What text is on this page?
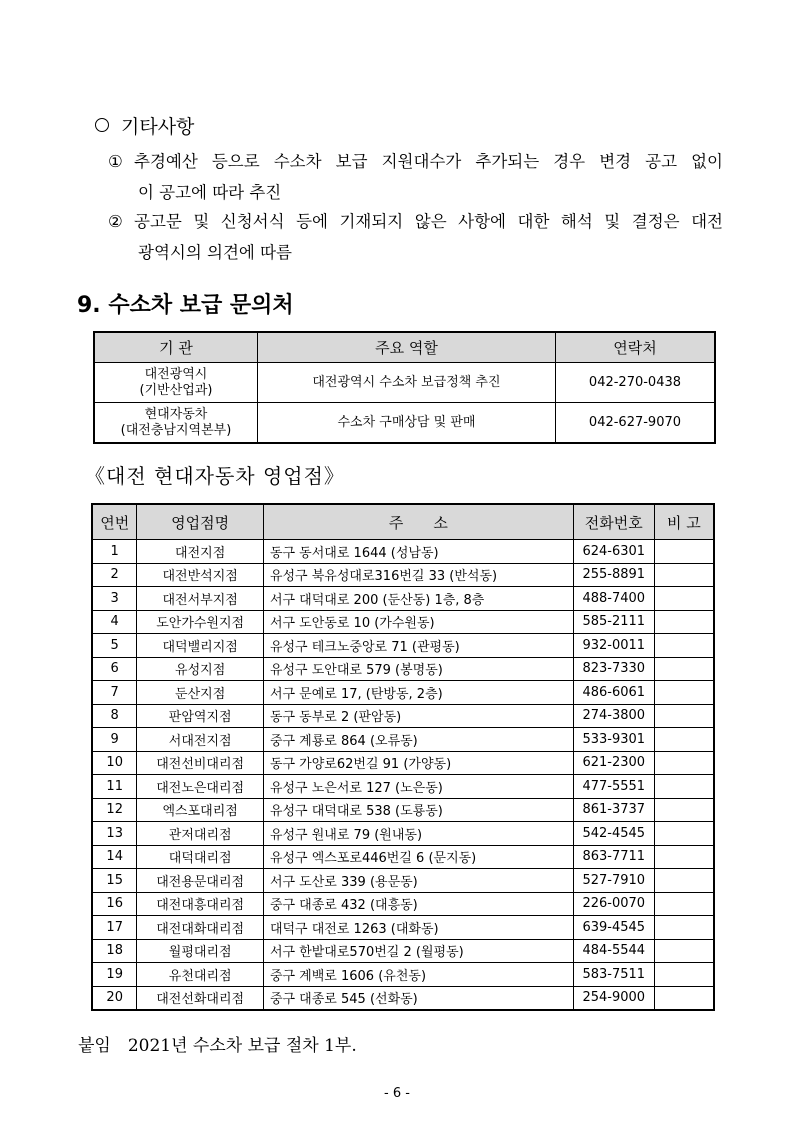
기타사항
① 추경예산 등으로 수소차 보급 지원대수가 추가되는 경우 변경 공고 없이
이 공고에 따라 추진
② 공고문 및 신청서식 등에 기재되지 않은 사항에 대한 해석 및 결정은 대전
광역시의 의견에 따름
9. 수소차 보급 문의처
기 관	주요 역할	연락처
대전광역시
(기반산업과)	대전광역시 수소차 보급정책 추진	042-270-0438
현대자동차
(대전충남지역본부)	수소차 구매상담 및 판매	042-627-9070
《대전 현대자동차 영업점》
연번	영업점명	주　　소	전화번호	비 고
1	대전지점	동구 동서대로 1644 (성남동)	624-6301	
2	대전반석지점	유성구 북유성대로316번길 33 (반석동)	255-8891	
3	대전서부지점	서구 대덕대로 200 (둔산동) 1층, 8층	488-7400	
4	도안가수원지점	서구 도안동로 10 (가수원동)	585-2111	
5	대덕밸리지점	유성구 테크노중앙로 71 (관평동)	932-0011	
6	유성지점	유성구 도안대로 579 (봉명동)	823-7330	
7	둔산지점	서구 문예로 17, (탄방동, 2층)	486-6061	
8	판암역지점	동구 동부로 2 (판암동)	274-3800	
9	서대전지점	중구 계룡로 864 (오류동)	533-9301	
10	대전선비대리점	동구 가양로62번길 91 (가양동)	621-2300	
11	대전노은대리점	유성구 노은서로 127 (노은동)	477-5551	
12	엑스포대리점	유성구 대덕대로 538 (도룡동)	861-3737	
13	관저대리점	유성구 원내로 79 (원내동)	542-4545	
14	대덕대리점	유성구 엑스포로446번길 6 (문지동)	863-7711	
15	대전용문대리점	서구 도산로 339 (용문동)	527-7910	
16	대전대흥대리점	중구 대종로 432 (대흥동)	226-0070	
17	대전대화대리점	대덕구 대전로 1263 (대화동)	639-4545	
18	월평대리점	서구 한밭대로570번길 2 (월평동)	484-5544	
19	유천대리점	중구 계백로 1606 (유천동)	583-7511	
20	대전선화대리점	중구 대종로 545 (선화동)	254-9000	
붙임　2021년 수소차 보급 절차 1부.
- 6 -
